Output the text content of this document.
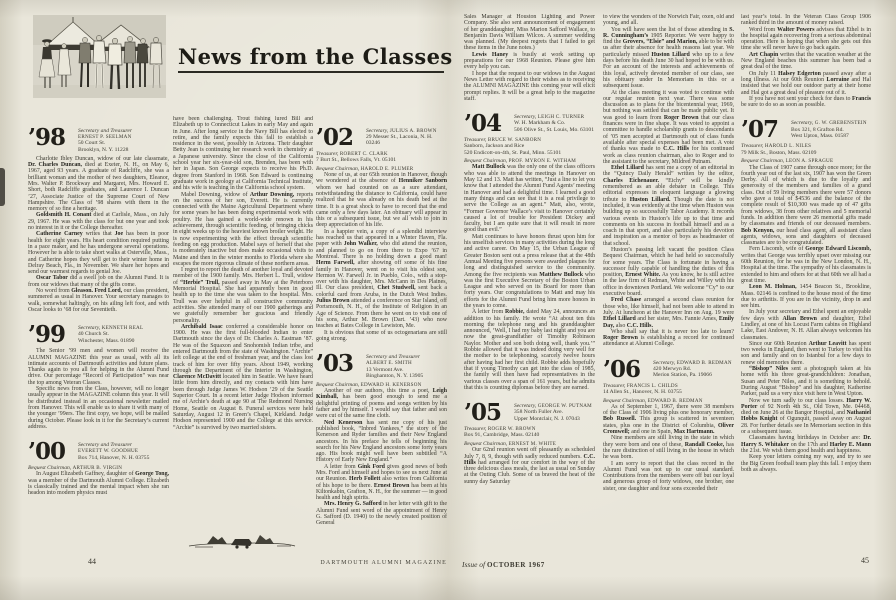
News from the Classes
’98	Secretary and Treasurer
ERNEST P. SEELMAN
50 Court St.
Brooklyn, N. Y. 11228

Charlotte Ibley Duncan, widow of our late classmate, Dr. Charles Duncan, died at Exeter, N. H., on May 6, 1967, aged 93 years. A graduate of Radcliffe, she was a brilliant woman and the mother of two daughters, Eleanor, Mrs. Walter P. Brockway and Margaret, Mrs. Howard E. Short, both Radcliffe graduates, and Laurence I. Duncan ’27, Associate Justice of the Supreme Court of New Hampshire. The Class of ’98 shares with them in the memory of so fine a heritage.

Goldsmith H. Conant died at Carlisle, Mass., on July 29, 1967. He was with the class for but one year and took no interest in it or the College thereafter.

Catherine Carney writes that Joe has been in poor health for eight years. His heart condition required putting in a pace maker, and he has undergone several operations. However he is able to take short walks at Osterville, Mass., and Catherine hopes they will get to their winter home in Delray Beach, Fla., in November. We share her hopes and send our warmest regards to genial Joe.

Oscar Tabor did a swell job on the Alumni Fund. It is from our widows that many of the gifts come.

No word from Gleason. Fred Lord, our class president, summered as usual in Hanover. Your secretary manages to walk, somewhat haltingly, on his ailing left foot, and with Oscar looks to ’68 for our Seventieth.

’99	Secretary, KENNETH REAL
40 Church St.
Winchester, Mass. 01890

The Senior ’99 men and women will receive the ALUMNI MAGAZINE this year as usual, with all its intimate accounts of Dartmouth activities and future plans. Thanks again to you all for helping in the Alumni Fund drive. Our percentage “Record of Participation” was near the top among Veteran Classes.

Specific news from the Class, however, will no longer usually appear in the MAGAZINE column this year. It will be distributed instead in an occasional newsletter mailed from Hanover. This will enable us to share it with many of the younger ’99ers. The first copy, we hope, will be mailed during October. Please look in it for the Secretary’s current address.

’00	Secretary and Treasurer
EVERETT W. GOODHUE
Box 714, Hanover, N. H. 03755
Bequest Chairman, ARTHUR B. VIRGIN

In August Elizabeth Gaffney, daughter of George Tong, was a member of the Dartmouth Alumni College. Elizabeth is classically trained and the mental impact when she ran headon into modern physics must

have been challenging. Trout fishing lured Bill and Elizabeth up to Connecticut Lakes in early May and again in June. After long service in the Navy Bill has elected to retire, and the family expects this fall to establish a residence in the west, possibly in Arizona. Their daughter Betty Jean is continuing her research work in chemistry at a Japanese university. Since the close of the California school year her six-year-old son, Brenden, has been with her in Japan. Son George expects to receive his Ph.D. degree from Stanford in 1968. Son Edward is continuing graduate work in geology at California Technical Institute, and his wife is teaching in the California school system.

Mabel Downing, widow of Arthur Downing, reports on the success of her son, Everett. He is currently connected with the Maine Agricultural Department where for some years he has been doing experimental work with poultry. He has gained a world-wide renown in his achievement, through scientific feeding, of bringing chicks in eight weeks up to the heaviest known broiler weight. He is now experimenting with the effect through scientific feeding on egg production. Mabel says of herself that she is moderately inactive but does make occasional visits to Maine and then in the winter months to Florida where she escapes the more rigorous climate of these northern areas.

I regret to report the death of another loyal and devoted member of the 1900 family. Mrs. Herbert L. Trull, widow of “Herbie” Trull, passed away in May at the Peterboro Memorial Hospital. She had apparently been in good health up to the time she was taken to the hospital. Mrs. Trull was ever helpful in all constructive community activities. She attended many of our 1900 gatherings and we gratefully remember her gracious and friendly personality.

Archibald Isaac conferred a considerable honor on 1900. He was the first full-blooded Indian to enter Dartmouth since the days of Dr. Charles A. Eastman ’87. He was of the Squaxon and Snohomish Indian tribe, and entered Dartmouth from the state of Washington. “Archie” left college at the end of freshman year, and the class lost track of him for over fifty years. About 1949, working through the Department of the Interior in Washington, Clarence McDavitt located him in Seattle. We have heard little from him directly, and my contacts with him have been through Judge James W. Hodson ’29 of the Seattle Superior Court. In a recent letter Judge Hodson informed me of Archie’s death at age 90 at The Redmond Nursing Home, Seattle on August 8. Funeral services were held Saturday, August 12 in Green’s Chapel, Kirkland. Judge Hodson represented 1900 and the College at this service. “Archie” is survived by two married sisters.

’02	Secretary, JULIUS A. BROWN
29 Messer St., Laconia, N. H.
03246
Treasurer, ROBERT C. CLARK
7 Burt St., Bellows Falls, Vt. 05101
Bequest Chairman, HAROLD E. PLUMER

None of us, at our 65th reunion in Hanover, though we wondered at the absence of Henniker Sanborn whom we had counted on as a sure attendant, notwithstanding the distance to California, could have realized that he was already on his death bed at the time. It is a great shock to have to record that the end came only a few days later. An obituary will appear in this or a subsequent issue, but we all wish to join in deep appreciation of his life.

In a happier vein, a copy of a splendid interview has reached us that appeared in a Winter Haven, Fla. paper with John Walker, who did attend the reunion, and planned to go on from there to Expo ’67 in Montreal. There is no holding down a good man! Herm Farwell, after showing off some of his fine family in Hanover, went on to visit his oldest son, Hermon W. Farwell Jr. in Pueblo, Colo., with a stop-over with his daughter, Mrs. McCann in Des Plaines, Ill. Our class president, Chet Studwell, sent back a colorful card from Aruba, in the Dutch West Indies. Julius Brown attended a conference on Star Island, off Portsmouth, N. H., of the Institute of Religion in an Age of Science. From there he went on to visit one of his sons, Arthur M. Brown (Dart. ’43) who now teaches at Bates College in Lewiston, Me.

It is obvious that some of us octogenarians are still going strong.

’03	Secretary and Treasurer
ALBERT E. SMITH
13 Vermont Ave.
Binghamton, N. Y. 13905
Bequest Chairman, EDWARD H. KENERSON

Another of our authors, this time a poet, Leigh Kimball, has been good enough to send me a delightful printing of poems and songs written by his father and by himself. I would say that father and son were cut of the same fine cloth.

Ned Kenerson has sent me copy of his just published book, “Inbred Yankees,” the story of the Kenerson and Ryder families and their New England ancestors. In his preface he tells of beginning his search for his New England ancestors some forty years ago. His book might well have been subtitled “A History of Early New England.”

A letter from Gink Ford gives good news of both Mrs. Ford and himself and hopes to see us next June at our Reunion. Herb Follett also writes from California of his hope to be there. Ernest Brown has been at his Kiltonkabin, Grafton, N. H., for the summer — in good health and high spirits.

Mrs. Henry G. Safford in her letter with gift to the Alumni Fund sent word of the appointment of Henry G. Safford (D. 1940) to the newly created position of General

Sales Manager at Houston Lighting and Power Company. She also sent announcement of engagement of her granddaughter, Miss Marion Safford Wallace, to Benjamin Davis William Wilcox. A summer wedding was planned. (My deepest regrets that I failed to get these items in the June notes.)

Lewis Haney is busily at work setting up preparations for our 1968 Reunion. Please give him every help you can.

I hope that the request to our widows in the August News Letter with regard to their wishes as to receiving the ALUMNI MAGAZINE this coming year will elicit prompt replies. It will be a great help to the magazine staff.

’04	Secretary, LEIGH C. TURNER
W. H. Markham & Co.
506 Olive St., St. Louis, Mo. 63101
Treasurer, BRUCE W. SANBORN
Sanborn, Jackson and Rice
520 Endicott-on-4th, St. Paul, Minn. 55101
Bequest Chairman, PROF. MYRON E. WITHAM

Matt Bullock was the only one of the class officers who was able to attend the meetings in Hanover on May 12 and 13. Matt has written, “Just a line to let you know that I attended the Alumni Fund Agents’ meeting in Hanover and had a delightful time. I learned a good many things and can see that it is a real privilege to serve the College as an agent.” Matt, also, wrote, “Former Governor Wallace’s visit to Hanover certainly caused a lot of trouble for President Dickey and faculty, but I am quite sure that it will result in more good than evil.”

Matt continues to have honors thrust upon him for his unselfish services in many activities during the long and active career. On May 15, the Urban League of Greater Boston sent out a press release that at the 48th Annual Meeting five persons were awarded plaques for long and distinguished service to the community. Among the five recipients was Matthew Bullock who was the first Executive Secretary of the Boston Urban League and who served on its Board for more than forty years. Our congratulations to Matt and may his efforts for the Alumni Fund bring him more honors in the years to come.

A letter from Robbie, dated May 24, announces an addition to his family. He wrote “At about ten this morning the telephone rang and his granddaughter announced, ‘Well, I had my baby last night and you are now the great-grandfather of Timothy Robinson Naylor. Mother and son both doing well, thank you.’” Robbie allowed that it was indeed doing very well for the mother to be telephoning, scarcely twelve hours after having had her first child. Robbie adds hopefully that if young Timothy can get into the class of 1985, the family will then have had representatives in the various classes over a span of 161 years, but he admits that this is counting diplomas before they are earned.

’05	Secretary, GEORGE W. PUTNAM
358 North Fuller Ave.
Upper Montclair, N. J. 07043
Treasurer, ROGER W. BROWN
Box 91, Cambridge, Mass. 02140
Bequest Chairman, ERNEST M. WHITE

Our 62nd reunion went off pleasantly as scheduled July 7, 8, 9, though with sadly reduced numbers. C.C. Hills had arranged for our comfort in the way of the three delicious class meals, the last as usual on Sunday at the Outing Club. Some of us braved the heat of the sunny day Saturday

to view the wonders of the Norwich Fair, oxen, old and young, and all.

You will have seen the list of those attending in S. R. Cunningham’s 1905 Reporter. We were happy to find the Grovers, “Elsie” and Marion, able to be with us after their absence for health reasons last year. We particularly missed Huston Lillard who up to a few days before his death June 30 had hoped to be with us. For an account of the interests and achievements of this loyal, actively devoted member of our class, see his obituary under In Memoriam in this or a subsequent issue.

At the class meeting it was voted to continue with our regular reunion next year. There was some discussion as to plans for the bicentennial year, 1969, but nothing was settled that can be made public yet. It was good to learn from Roger Brown that our class finances were in fine shape. It was voted to appoint a committee to handle scholarship grants to descendants of ’05 men accepted at Dartmouth out of class funds available after special expenses had been met. A vote of thanks was made to C.C. Hills for his continued work as class reunion chairman, also to Roger and to the assistant to the secretary, Mildred Putnam.

Ethel Lillard has sent me a copy of an editorial in the “Quincy Daily Herald” written by the editor, Charles Eichenauer. “Eichy” will be kindly remembered as an able debater in College. This editorial expresses in eloquent language a glowing tribute to Huston Lillard. Though the date is not included, it was evidently at the time when Huston was building up so successfully Tabor Academy. It records various events in Huston’s life up to that time and comments on his success in football himself and as a coach in that sport, and also particularly his devotion and inspiration as a mentor of boys as headmaster of that school.

Huston’s passing left vacant the position Class Bequest Chairman, which he had held so successfully for some years. The Class is fortunate in having a successor fully capable of handling the duties of this position, Ernest White. As you know, he is still active in the law firm of Redman, White and Willey with his office in downtown Portland. We welcome “Cy” to our executive board.

Fred Chase arranged a second class reunion for those who, like himself, had not been able to attend in July. At luncheon at the Hanover Inn on Aug. 19 were Ethel Lillard and her sister, Mrs. Fannie Ames, Emily Day, also C.C. Hills.

Who shall say that it is never too late to learn? Roger Brown is establishing a record for continued attendance at Alumni College.

’06	Secretary, EDWARD B. REDMAN
420 Merwyn Rd.
Merion Station, Pa. 19066
Treasurer, FRANCIS L. CHILDS
14 Allen St., Hanover, N. H. 03755
Bequest Chairman, EDWARD B. REDMAN

As of September 1, 1967, there were 38 members of the Class of 1906 living plus one honorary member, Bob Russell. This group is scattered in seventeen states, plus one in the District of Columbia, Oliver Cromwell; and one in Spain, Max Hartmann.

Nine members are still living in the state in which they were born and one of these, Randall Cooke, has the rare distinction of still living in the house in which he was born.

I am sorry to report that the class record in the Alumni Fund was not up to our usual standard. Contributions from the members were off but our loyal and generous group of forty widows, one brother, one sister, one daughter and four sons exceeded their

last year’s total. In the Veteran Class Group 1906 ranked third in the amount of money raised.

Word from Walter Powers advises that Ethel is in the hospital again recovering from a serious abdominal operation. Here is hoping that when she gets out this time she will never have to go back again.

Art Chapin writes that the vacation weather at the New England beaches this summer has been bad a great deal of the time.

On July 11 Halsey Edgerton passed away after a long illness. At our 60th Reunion Lorraine and Hal insisted that we hold our outdoor party at their home and Hal got a great deal of pleasure out of it.

If you have not sent your check for dues to Francis be sure to do so as soon as possible.

’07	Secretary, G. W. GREBENSTEIN
Box 321, 8 Grafton Rd.
West Upton, Mass. 01587
Treasurer, HAROLD L. NILES
79 Milk St., Boston, Mass. 02109
Bequest Chairman, LEON A. SPRAGUE

The Class of 1907 came through once more; for the fourth year out of the last six, 1907 has won the Green Derby. All of which is due to the loyalty and generosity of the members and families of a grand class. Out of 59 living members there were 57 donors who gave a total of $4536 and the balance of the complete result of $10,300 was made up of 47 gifts from widows, 38 from other relatives and 5 memorial funds. In addition there were 26 memorial gifts made by classmates and friends of our deceased members. Bob Kenyon, our head class agent, all assistant class agents, widows, sons and daughters of deceased classmates are to be congratulated.

Fern Liscomb, wife of George Edward Liscomb, writes that George was terribly upset over missing our 60th Reunion, for he was in the New London, N. H., Hospital at the time. The sympathy of his classmates is extended to him and others for at that 60th we all had a great time.

Leon M. Holman, 1454 Beacon St., Brookline, Mass. 02146 is confined to the house most of the time due to arthritis. If you are in the vicinity, drop in and see him.

In July your secretary and Ethel spent an enjoyable few days with Allan Brown and daughter, Ethel Lindley, at one of his Locust Farm cabins on Highland Lake, East Andover, N. H. Allan always welcomes his classmates.

Since our 60th Reunion Arthur Leavitt has spent two weeks in England, then went to Turkey to visit his son and family and on to Istanbul for a few days to renew old memories there.

“Bishop” Niles sent a photograph taken at his home with his three great-grandchildren: Jonathan, Susan and Peter Niles, and it is something to behold. During August “Bishop” and his daughter, Katherine Parker, paid us a very nice visit here in West Upton.

Now we turn sadly to our class losses. Harry W. Porter of 92 North 4th St., Old Town, Me. 04468, died on June 26 at the Bangor Hospital, and Nathaniel Hobbs Knight of Ogunquit, passed away on August 28. For further details see In Memoriam section in this or a subsequent issue.

Classmates having birthdays in October are: Dr. Harry S. Whitaker on the 17th and Harley E. Mann the 21st. We wish them good health and happiness.

Keep your letters coming my way, and try to see the Big Green football team play this fall. I enjoy them both as always.

44	DARTMOUTH ALUMNI MAGAZINE Issue of OCTOBER 1967	45
